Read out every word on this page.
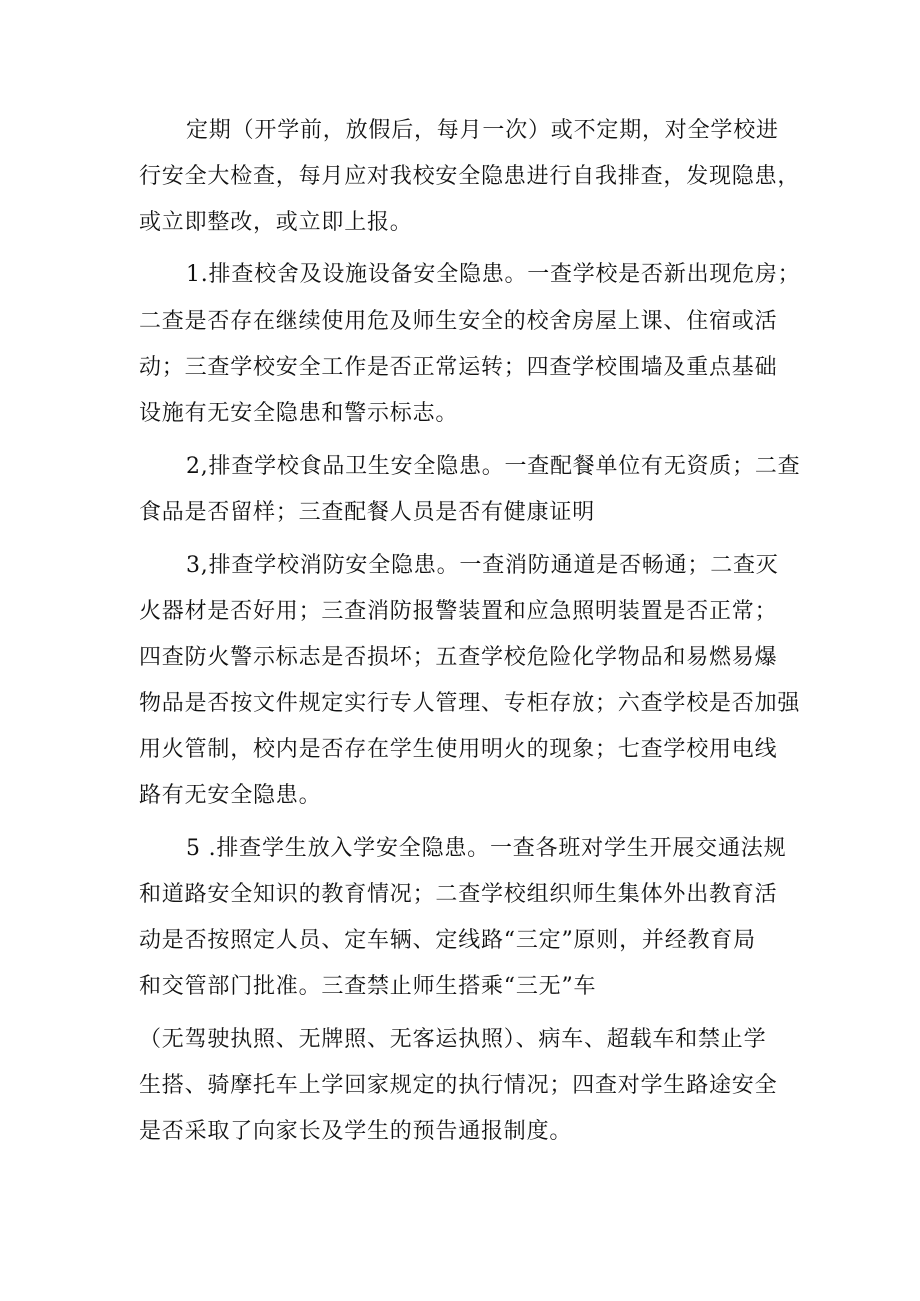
定期（开学前，放假后，每月一次）或不定期，对全学校进

行安全大检查，每月应对我校安全隐患进行自我排查，发现隐患，

或立即整改，或立即上报。

1.排查校舍及设施设备安全隐患。一查学校是否新出现危房；

二查是否存在继续使用危及师生安全的校舍房屋上课、住宿或活

动；三查学校安全工作是否正常运转；四查学校围墙及重点基础

设施有无安全隐患和警示标志。

2,排查学校食品卫生安全隐患。一查配餐单位有无资质；二查

食品是否留样；三查配餐人员是否有健康证明

3,排查学校消防安全隐患。一查消防通道是否畅通；二查灭

火器材是否好用；三查消防报警装置和应急照明装置是否正常；

四查防火警示标志是否损坏；五查学校危险化学物品和易燃易爆

物品是否按文件规定实行专人管理、专柜存放；六查学校是否加强

用火管制，校内是否存在学生使用明火的现象；七查学校用电线

路有无安全隐患。

5 .排查学生放入学安全隐患。一查各班对学生开展交通法规

和道路安全知识的教育情况；二查学校组织师生集体外出教育活

动是否按照定人员、定车辆、定线路“三定”原则，并经教育局

和交管部门批准。三查禁止师生搭乘“三无”车

（无驾驶执照、无牌照、无客运执照）、病车、超载车和禁止学

生搭、骑摩托车上学回家规定的执行情况；四查对学生路途安全

是否采取了向家长及学生的预告通报制度。
